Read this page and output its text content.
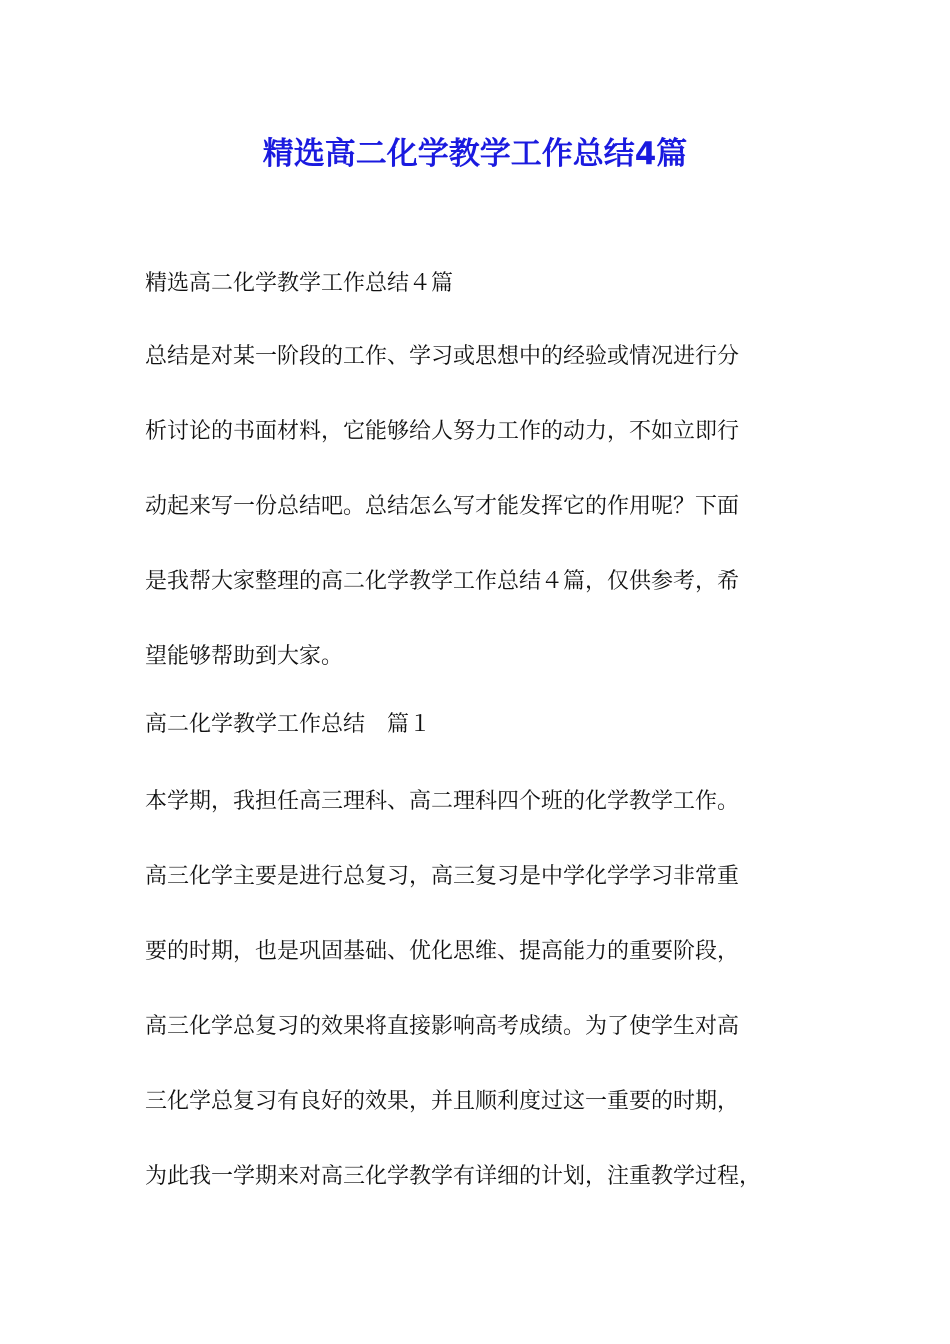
精选高二化学教学工作总结4篇

精选高二化学教学工作总结４篇

总结是对某一阶段的工作、学习或思想中的经验或情况进行分
析讨论的书面材料，它能够给人努力工作的动力，不如立即行
动起来写一份总结吧。总结怎么写才能发挥它的作用呢？下面
是我帮大家整理的高二化学教学工作总结４篇，仅供参考，希
望能够帮助到大家。

高二化学教学工作总结　篇１

本学期，我担任高三理科、高二理科四个班的化学教学工作。

高三化学主要是进行总复习，高三复习是中学化学学习非常重
要的时期，也是巩固基础、优化思维、提高能力的重要阶段，
高三化学总复习的效果将直接影响高考成绩。为了使学生对高
三化学总复习有良好的效果，并且顺利度过这一重要的时期，
为此我一学期来对高三化学教学有详细的计划，注重教学过程，
